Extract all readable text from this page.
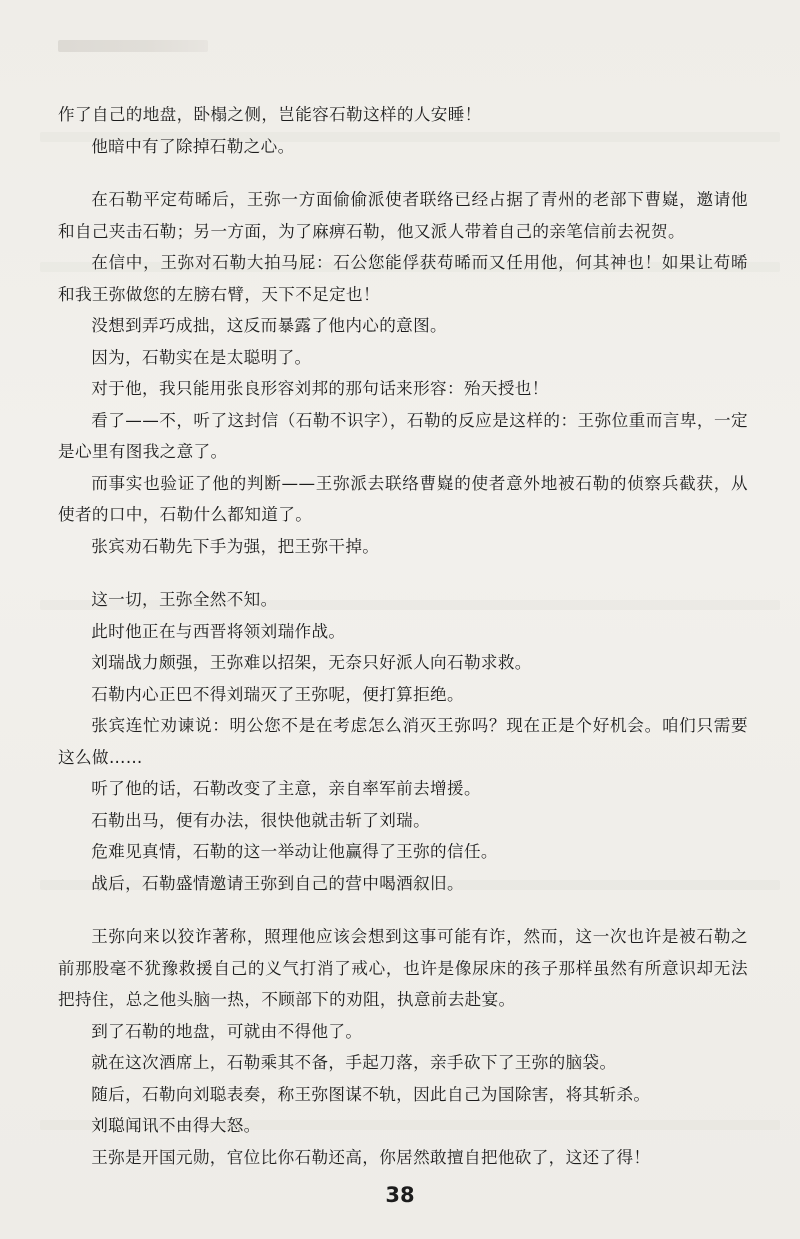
作了自己的地盘，卧榻之侧，岂能容石勒这样的人安睡！

他暗中有了除掉石勒之心。

在石勒平定苟晞后，王弥一方面偷偷派使者联络已经占据了青州的老部下曹嶷，邀请他和自己夹击石勒；另一方面，为了麻痹石勒，他又派人带着自己的亲笔信前去祝贺。

在信中，王弥对石勒大拍马屁：石公您能俘获苟晞而又任用他，何其神也！如果让苟晞和我王弥做您的左膀右臂，天下不足定也！

没想到弄巧成拙，这反而暴露了他内心的意图。

因为，石勒实在是太聪明了。

对于他，我只能用张良形容刘邦的那句话来形容：殆天授也！

看了——不，听了这封信（石勒不识字），石勒的反应是这样的：王弥位重而言卑，一定是心里有图我之意了。

而事实也验证了他的判断——王弥派去联络曹嶷的使者意外地被石勒的侦察兵截获，从使者的口中，石勒什么都知道了。

张宾劝石勒先下手为强，把王弥干掉。

这一切，王弥全然不知。

此时他正在与西晋将领刘瑞作战。

刘瑞战力颇强，王弥难以招架，无奈只好派人向石勒求救。

石勒内心正巴不得刘瑞灭了王弥呢，便打算拒绝。

张宾连忙劝谏说：明公您不是在考虑怎么消灭王弥吗？现在正是个好机会。咱们只需要这么做……

听了他的话，石勒改变了主意，亲自率军前去增援。

石勒出马，便有办法，很快他就击斩了刘瑞。

危难见真情，石勒的这一举动让他赢得了王弥的信任。

战后，石勒盛情邀请王弥到自己的营中喝酒叙旧。

王弥向来以狡诈著称，照理他应该会想到这事可能有诈，然而，这一次也许是被石勒之前那股毫不犹豫救援自己的义气打消了戒心，也许是像尿床的孩子那样虽然有所意识却无法把持住，总之他头脑一热，不顾部下的劝阻，执意前去赴宴。

到了石勒的地盘，可就由不得他了。

就在这次酒席上，石勒乘其不备，手起刀落，亲手砍下了王弥的脑袋。

随后，石勒向刘聪表奏，称王弥图谋不轨，因此自己为国除害，将其斩杀。

刘聪闻讯不由得大怒。

王弥是开国元勋，官位比你石勒还高，你居然敢擅自把他砍了，这还了得！

38
